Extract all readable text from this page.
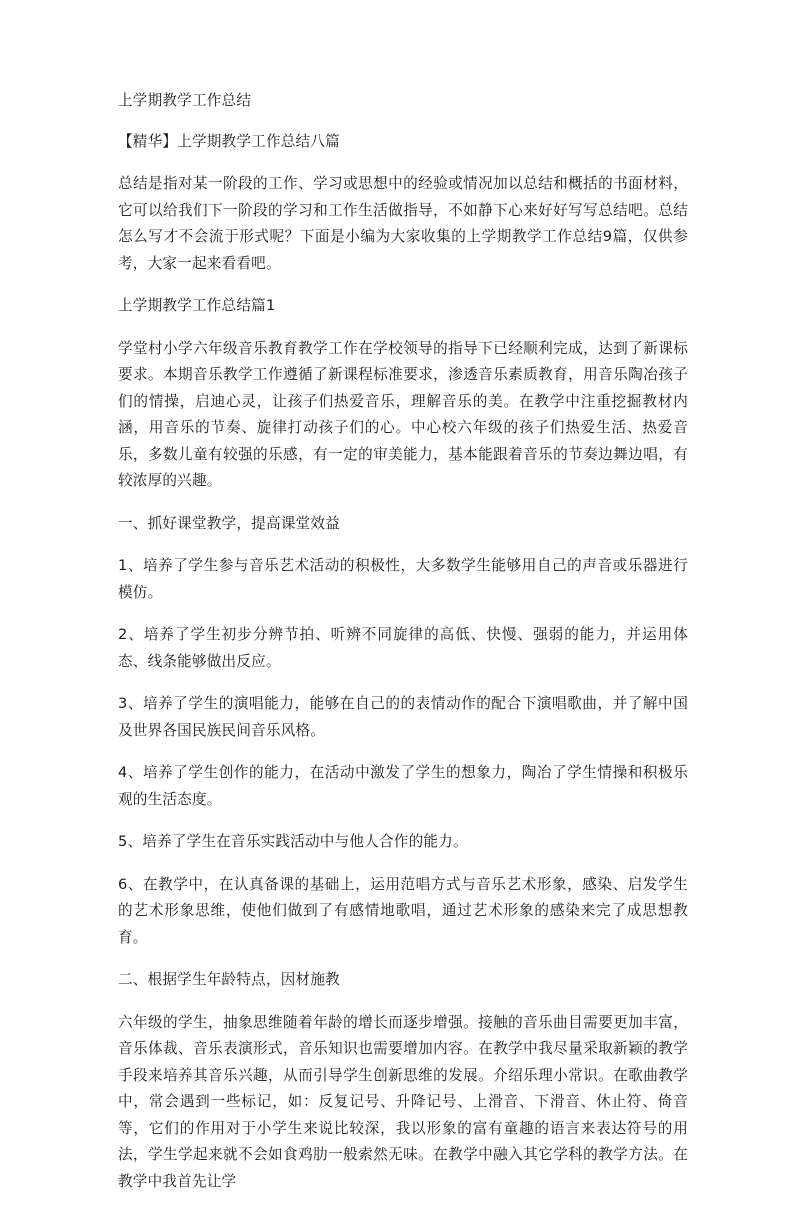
上学期教学工作总结

【精华】上学期教学工作总结八篇

总结是指对某一阶段的工作、学习或思想中的经验或情况加以总结和概括的书面材料，它可以给我们下一阶段的学习和工作生活做指导，不如静下心来好好写写总结吧。总结怎么写才不会流于形式呢？下面是小编为大家收集的上学期教学工作总结9篇，仅供参考，大家一起来看看吧。

上学期教学工作总结篇1

学堂村小学六年级音乐教育教学工作在学校领导的指导下已经顺利完成，达到了新课标要求。本期音乐教学工作遵循了新课程标准要求，渗透音乐素质教育，用音乐陶冶孩子们的情操，启迪心灵，让孩子们热爱音乐，理解音乐的美。在教学中注重挖掘教材内涵，用音乐的节奏、旋律打动孩子们的心。中心校六年级的孩子们热爱生活、热爱音乐，多数儿童有较强的乐感，有一定的审美能力，基本能跟着音乐的节奏边舞边唱，有较浓厚的兴趣。

一、抓好课堂教学，提高课堂效益

1、培养了学生参与音乐艺术活动的积极性，大多数学生能够用自己的声音或乐器进行模仿。

2、培养了学生初步分辨节拍、听辨不同旋律的高低、快慢、强弱的能力，并运用体态、线条能够做出反应。

3、培养了学生的演唱能力，能够在自己的的表情动作的配合下演唱歌曲，并了解中国及世界各国民族民间音乐风格。

4、培养了学生创作的能力，在活动中激发了学生的想象力，陶冶了学生情操和积极乐观的生活态度。

5、培养了学生在音乐实践活动中与他人合作的能力。

6、在教学中，在认真备课的基础上，运用范唱方式与音乐艺术形象，感染、启发学生的艺术形象思维，使他们做到了有感情地歌唱，通过艺术形象的感染来完了成思想教育。

二、根据学生年龄特点，因材施教

六年级的学生，抽象思维随着年龄的增长而逐步增强。接触的音乐曲目需要更加丰富，音乐体裁、音乐表演形式，音乐知识也需要增加内容。在教学中我尽量采取新颖的教学手段来培养其音乐兴趣，从而引导学生创新思维的发展。介绍乐理小常识。在歌曲教学中，常会遇到一些标记，如：反复记号、升降记号、上滑音、下滑音、休止符、倚音等，它们的作用对于小学生来说比较深，我以形象的富有童趣的语言来表达符号的用法，学生学起来就不会如食鸡肋一般索然无味。在教学中融入其它学科的教学方法。在教学中我首先让学
